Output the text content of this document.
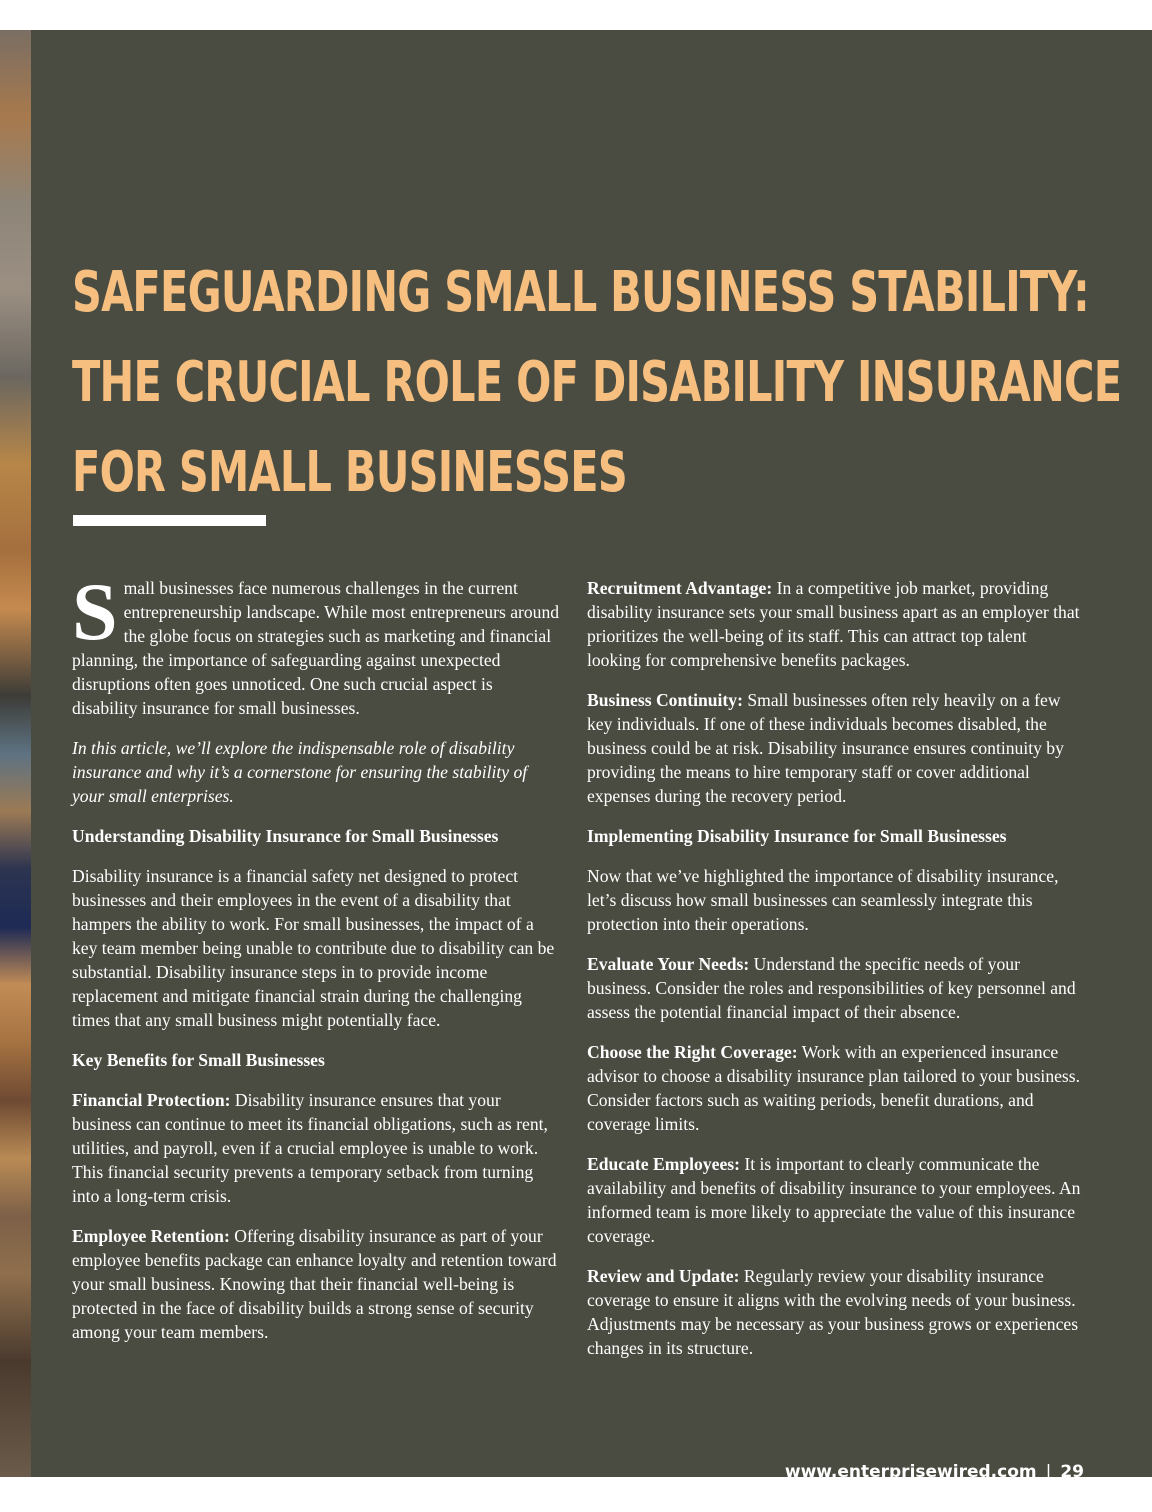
SAFEGUARDING SMALL BUSINESS STABILITY:
THE CRUCIAL ROLE OF DISABILITY INSURANCE
FOR SMALL BUSINESSES

Small businesses face numerous challenges in the current entrepreneurship landscape. While most entrepreneurs around the globe focus on strategies such as marketing and financial planning, the importance of safeguarding against unexpected disruptions often goes unnoticed. One such crucial aspect is disability insurance for small businesses.

In this article, we’ll explore the indispensable role of disability insurance and why it’s a cornerstone for ensuring the stability of your small enterprises.

Understanding Disability Insurance for Small Businesses

Disability insurance is a financial safety net designed to protect businesses and their employees in the event of a disability that hampers the ability to work. For small businesses, the impact of a key team member being unable to contribute due to disability can be substantial. Disability insurance steps in to provide income replacement and mitigate financial strain during the challenging times that any small business might potentially face.

Key Benefits for Small Businesses

Financial Protection: Disability insurance ensures that your business can continue to meet its financial obligations, such as rent, utilities, and payroll, even if a crucial employee is unable to work. This financial security prevents a temporary setback from turning into a long-term crisis.

Employee Retention: Offering disability insurance as part of your employee benefits package can enhance loyalty and retention toward your small business. Knowing that their financial well-being is protected in the face of disability builds a strong sense of security among your team members.

Recruitment Advantage: In a competitive job market, providing disability insurance sets your small business apart as an employer that prioritizes the well-being of its staff. This can attract top talent looking for comprehensive benefits packages.

Business Continuity: Small businesses often rely heavily on a few key individuals. If one of these individuals becomes disabled, the business could be at risk. Disability insurance ensures continuity by providing the means to hire temporary staff or cover additional expenses during the recovery period.

Implementing Disability Insurance for Small Businesses

Now that we’ve highlighted the importance of disability insurance, let’s discuss how small businesses can seamlessly integrate this protection into their operations.

Evaluate Your Needs: Understand the specific needs of your business. Consider the roles and responsibilities of key personnel and assess the potential financial impact of their absence.

Choose the Right Coverage: Work with an experienced insurance advisor to choose a disability insurance plan tailored to your business. Consider factors such as waiting periods, benefit durations, and coverage limits.

Educate Employees: It is important to clearly communicate the availability and benefits of disability insurance to your employees. An informed team is more likely to appreciate the value of this insurance coverage.

Review and Update: Regularly review your disability insurance coverage to ensure it aligns with the evolving needs of your business. Adjustments may be necessary as your business grows or experiences changes in its structure.

www.enterprisewired.com | 29
